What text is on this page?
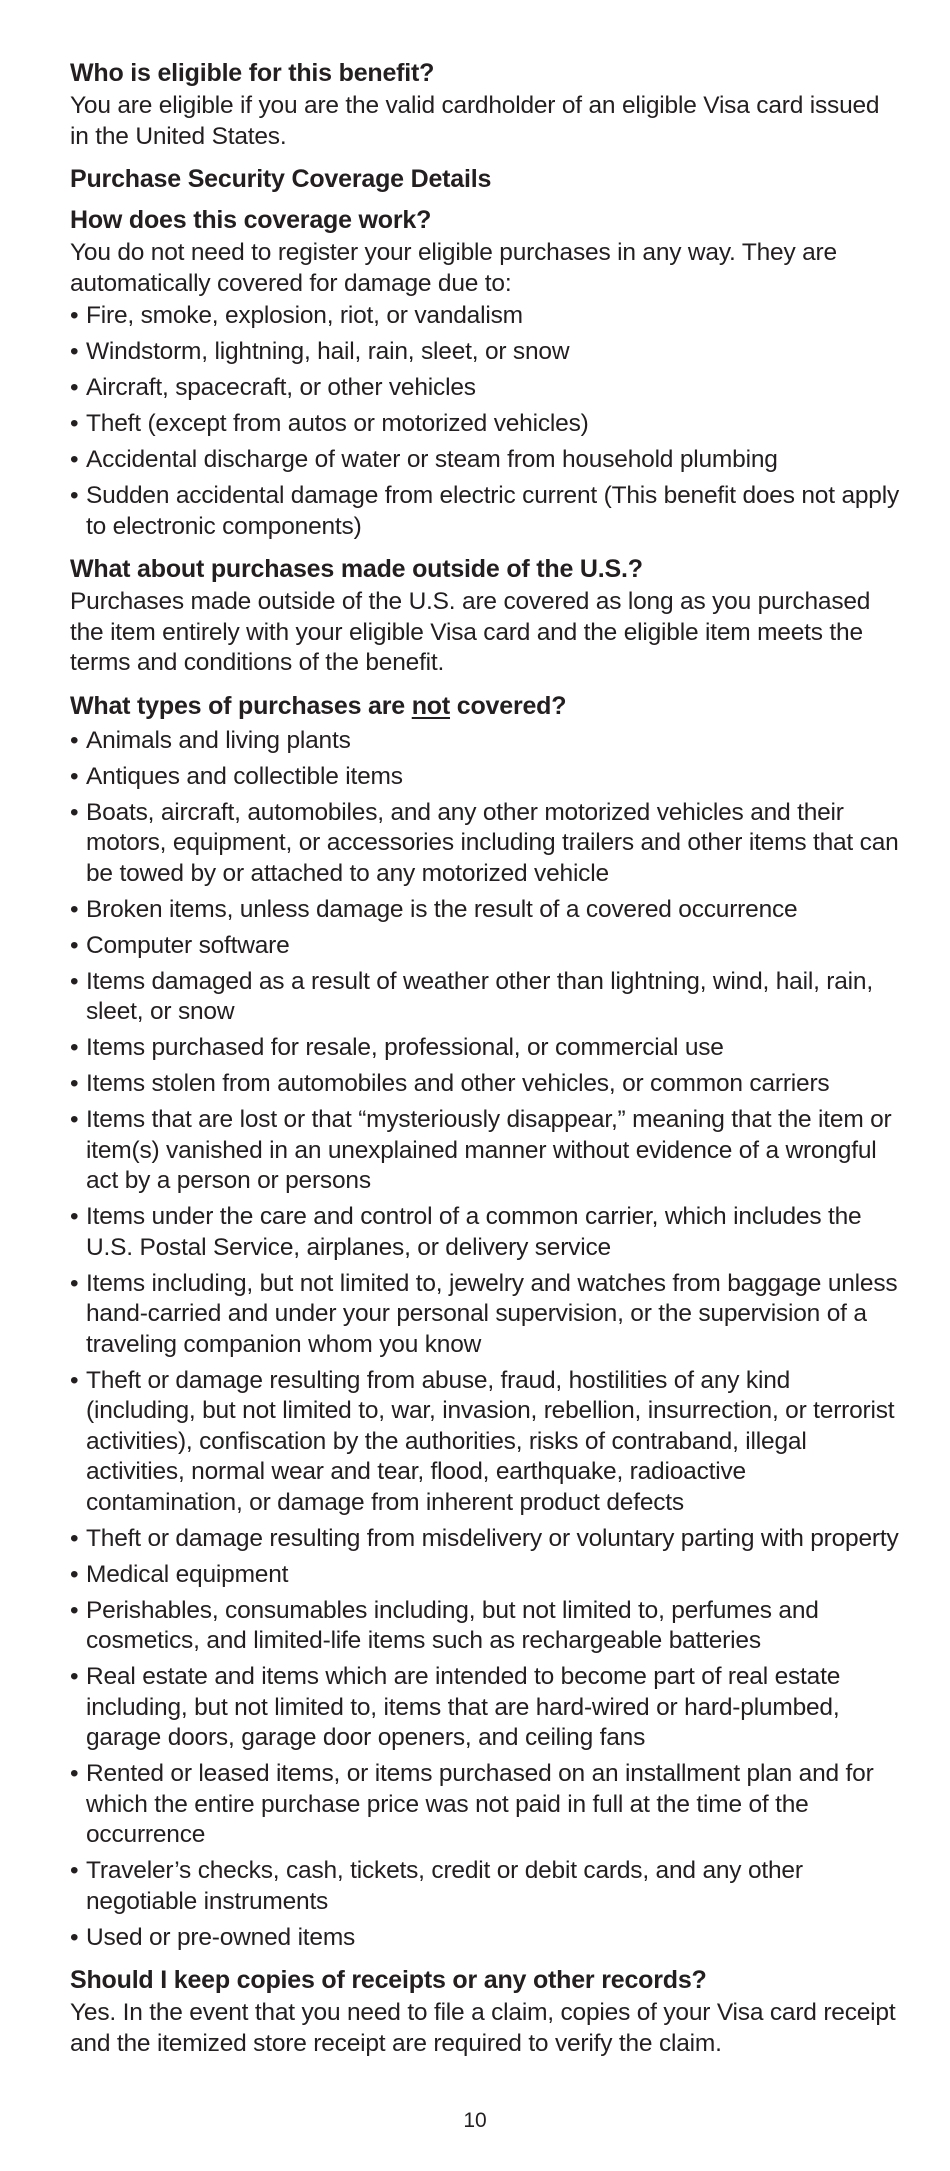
Who is eligible for this benefit?

You are eligible if you are the valid cardholder of an eligible Visa card issued in the United States.

Purchase Security Coverage Details
How does this coverage work?

You do not need to register your eligible purchases in any way. They are automatically covered for damage due to:

• Fire, smoke, explosion, riot, or vandalism
• Windstorm, lightning, hail, rain, sleet, or snow
• Aircraft, spacecraft, or other vehicles
• Theft (except from autos or motorized vehicles)
• Accidental discharge of water or steam from household plumbing
• Sudden accidental damage from electric current (This benefit does not apply to electronic components)
What about purchases made outside of the U.S.?

Purchases made outside of the U.S. are covered as long as you purchased the item entirely with your eligible Visa card and the eligible item meets the terms and conditions of the benefit.

What types of purchases are not covered?
• Animals and living plants
• Antiques and collectible items
• Boats, aircraft, automobiles, and any other motorized vehicles and their motors, equipment, or accessories including trailers and other items that can be towed by or attached to any motorized vehicle
• Broken items, unless damage is the result of a covered occurrence
• Computer software
• Items damaged as a result of weather other than lightning, wind, hail, rain, sleet, or snow
• Items purchased for resale, professional, or commercial use
• Items stolen from automobiles and other vehicles, or common carriers
• Items that are lost or that “mysteriously disappear,” meaning that the item or item(s) vanished in an unexplained manner without evidence of a wrongful act by a person or persons
• Items under the care and control of a common carrier, which includes the U.S. Postal Service, airplanes, or delivery service
• Items including, but not limited to, jewelry and watches from baggage unless hand-carried and under your personal supervision, or the supervision of a traveling companion whom you know
• Theft or damage resulting from abuse, fraud, hostilities of any kind (including, but not limited to, war, invasion, rebellion, insurrection, or terrorist activities), confiscation by the authorities, risks of contraband, illegal activities, normal wear and tear, flood, earthquake, radioactive contamination, or damage from inherent product defects
• Theft or damage resulting from misdelivery or voluntary parting with property
• Medical equipment
• Perishables, consumables including, but not limited to, perfumes and cosmetics, and limited-life items such as rechargeable batteries
• Real estate and items which are intended to become part of real estate including, but not limited to, items that are hard-wired or hard-plumbed, garage doors, garage door openers, and ceiling fans
• Rented or leased items, or items purchased on an installment plan and for which the entire purchase price was not paid in full at the time of the occurrence
• Traveler’s checks, cash, tickets, credit or debit cards, and any other negotiable instruments
• Used or pre-owned items
Should I keep copies of receipts or any other records?

Yes. In the event that you need to file a claim, copies of your Visa card receipt and the itemized store receipt are required to verify the claim.

10
